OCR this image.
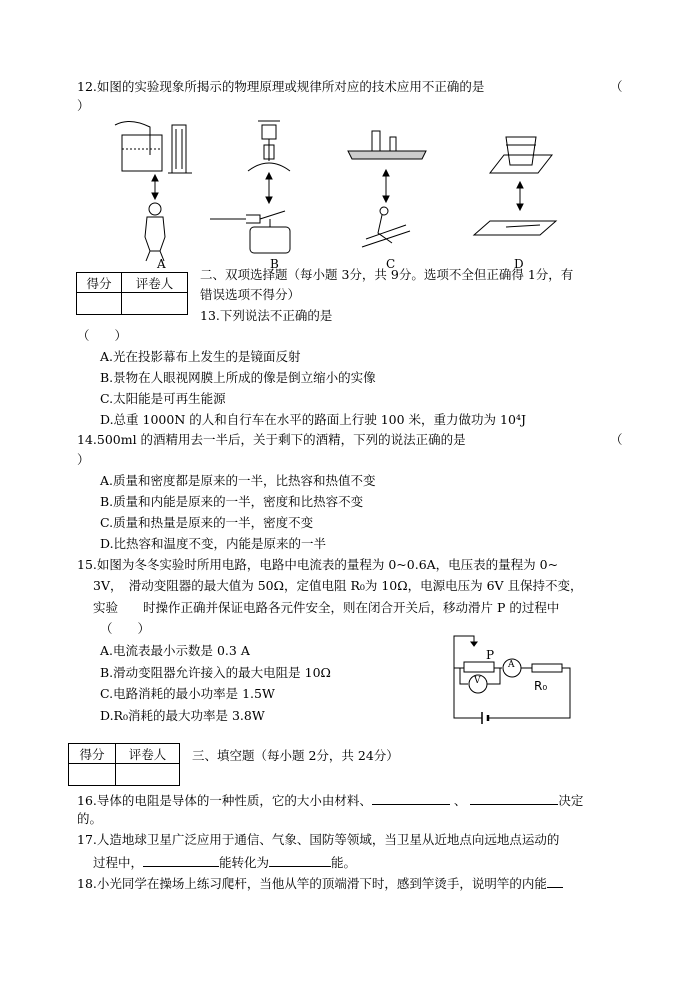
12.如图的实验现象所揭示的物理原理或规律所对应的技术应用不正确的是	（
）
A	B	C	D
得分	评卷人

二、双项选择题（每小题 3分，共 9分。选项不全但正确得 1分，有
错误选项不得分）
13.下列说法不正确的是
（　　）
A.光在投影幕布上发生的是镜面反射
B.景物在人眼视网膜上所成的像是倒立缩小的实像
C.太阳能是可再生能源
D.总重 1000N 的人和自行车在水平的路面上行驶 100 米，重力做功为 10⁴J
14.500ml 的酒精用去一半后，关于剩下的酒精，下列的说法正确的是	（
）
A.质量和密度都是原来的一半，比热容和热值不变
B.质量和内能是原来的一半，密度和比热容不变
C.质量和热量是原来的一半，密度不变
D.比热容和温度不变，内能是原来的一半
15.如图为冬冬实验时所用电路，电路中电流表的量程为 0~0.6A，电压表的量程为 0~
3V，　滑动变阻器的最大值为 50Ω，定值电阻 R₀为 10Ω，电源电压为 6V 且保持不变，
实验　　时操作正确并保证电路各元件安全，则在闭合开关后，移动滑片 P 的过程中
（　　）
A.电流表最小示数是 0.3 A
B.滑动变阻器允许接入的最大电阻是 10Ω
C.电路消耗的最小功率是 1.5W
D.R₀消耗的最大功率是 3.8W
P
A
V	R₀
得分	评卷人
	三、填空题（每小题 2分，共 24分）
16.导体的电阻是导体的一种性质，它的大小由材料、	、	决定
的。
17.人造地球卫星广泛应用于通信、气象、国防等领域，当卫星从近地点向远地点运动的
过程中，	能转化为	能。
18.小光同学在操场上练习爬杆，当他从竿的顶端滑下时，感到竿烫手，说明竿的内能
